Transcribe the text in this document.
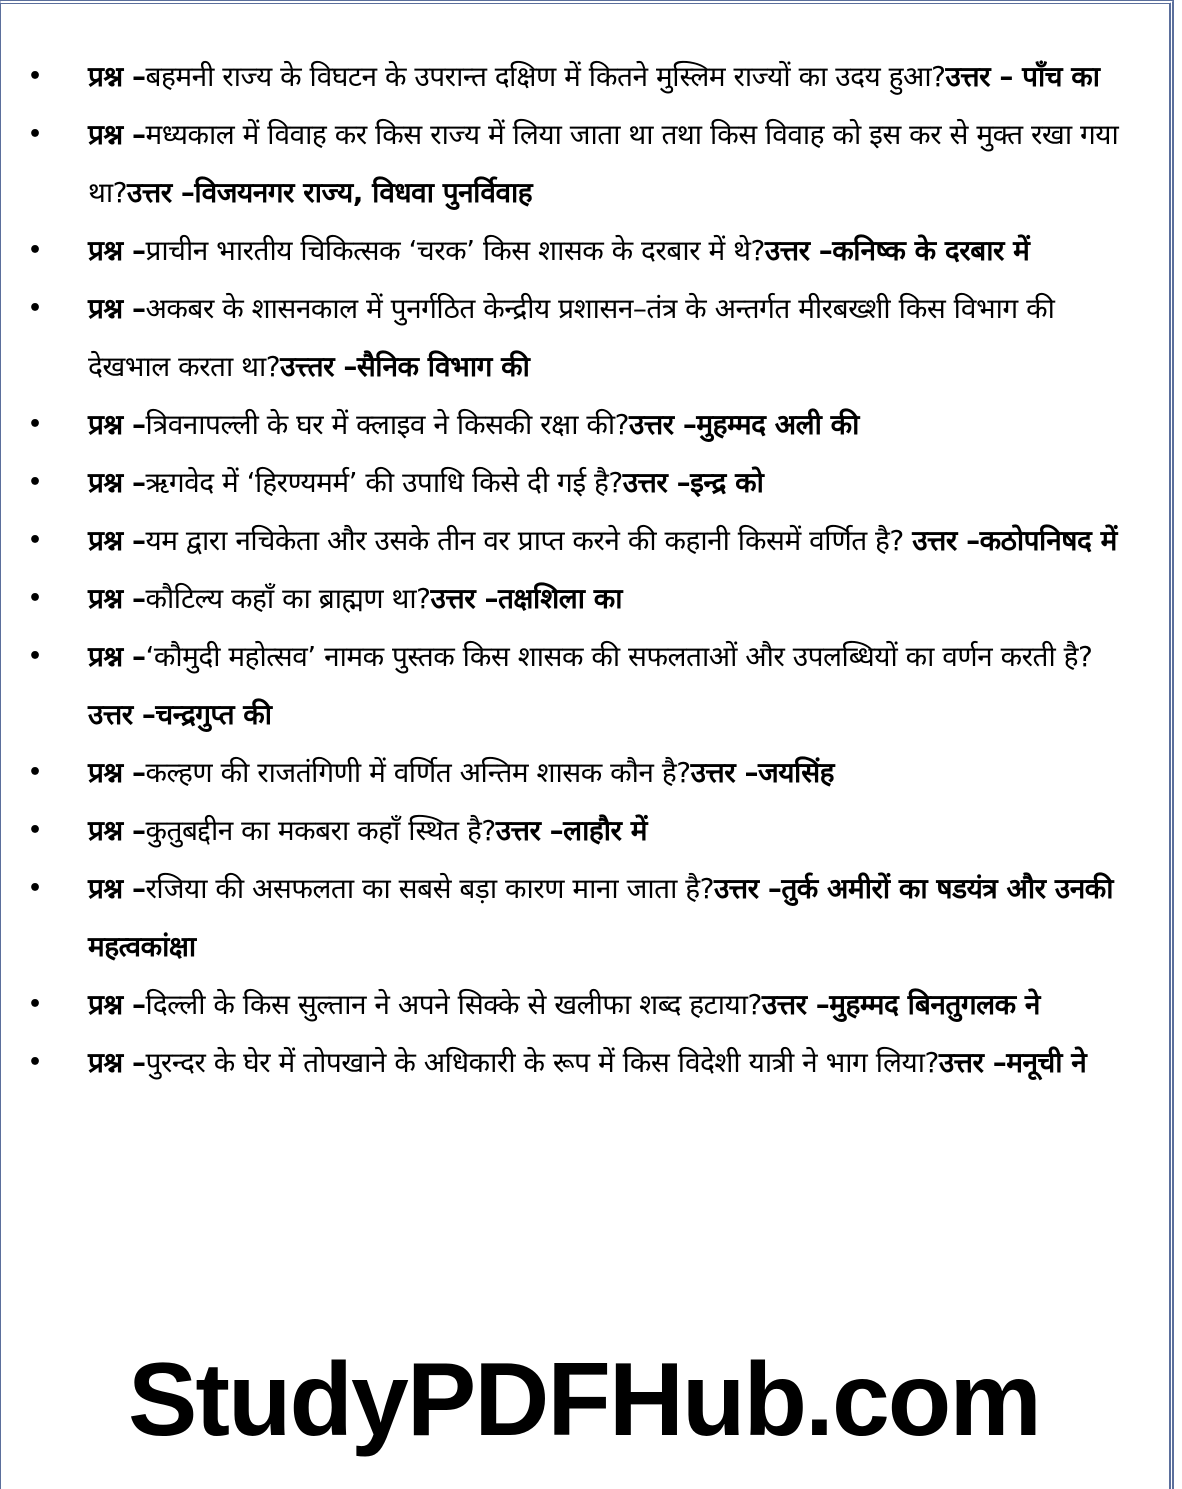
• प्रश्न –बहमनी राज्य के विघटन के उपरान्त दक्षिण में कितने मुस्लिम राज्यों का उदय हुआ?उत्तर – पाँच का
• प्रश्न –मध्यकाल में विवाह कर किस राज्य में लिया जाता था तथा किस विवाह को इस कर से मुक्त रखा गया था?उत्तर –विजयनगर राज्य, विधवा पुनर्विवाह
• प्रश्न –प्राचीन भारतीय चिकित्सक ‘चरक’ किस शासक के दरबार में थे?उत्तर –कनिष्क के दरबार में
• प्रश्न –अकबर के शासनकाल में पुनर्गठित केन्द्रीय प्रशासन–तंत्र के अन्तर्गत मीरबख्शी किस विभाग की देखभाल करता था?उत्त्तर –सैनिक विभाग की
• प्रश्न –त्रिवनापल्ली के घर में क्लाइव ने किसकी रक्षा की?उत्तर –मुहम्मद अली की
• प्रश्न –ऋगवेद में ‘हिरण्यमर्म’ की उपाधि किसे दी गई है?उत्तर –इन्द्र को
• प्रश्न –यम द्वारा नचिकेता और उसके तीन वर प्राप्त करने की कहानी किसमें वर्णित है? उत्तर –कठोपनिषद में
• प्रश्न –कौटिल्य कहाँ का ब्राह्मण था?उत्तर –तक्षशिला का
• प्रश्न –‘कौमुदी महोत्सव’ नामक पुस्तक किस शासक की सफलताओं और उपलब्धियों का वर्णन करती है?उत्तर –चन्द्रगुप्त की
• प्रश्न –कल्हण की राजतंगिणी में वर्णित अन्तिम शासक कौन है?उत्तर –जयसिंह
• प्रश्न –कुतुबद्दीन का मकबरा कहाँ स्थित है?उत्तर –लाहौर में
• प्रश्न –रजिया की असफलता का सबसे बड़ा कारण माना जाता है?उत्तर –तुर्क अमीरों का षडयंत्र और उनकी महत्वकांक्षा
• प्रश्न –दिल्ली के किस सुल्तान ने अपने सिक्के से खलीफा शब्द हटाया?उत्तर –मुहम्मद बिनतुगलक ने
• प्रश्न –पुरन्दर के घेर में तोपखाने के अधिकारी के रूप में किस विदेशी यात्री ने भाग लिया?उत्तर –मनूची ने
StudyPDFHub.com
